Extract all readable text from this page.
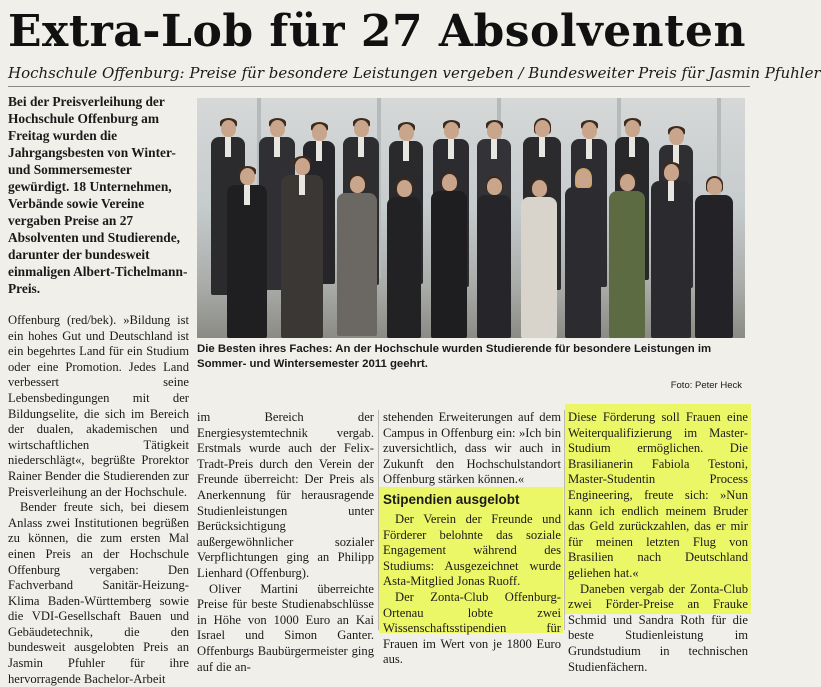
Extra-Lob für 27 Absolventen
Hochschule Offenburg: Preise für besondere Leistungen vergeben / Bundesweiter Preis für Jasmin Pfuhler
Bei der Preisverleihung der Hochschule Offenburg am Freitag wurden die Jahrgangsbesten von Winter- und Sommersemester gewürdigt. 18 Unternehmen, Verbände sowie Vereine vergaben Preise an 27 Absolventen und Studierende, darunter der bundesweit einmaligen Albert-Tichelmann-Preis.

Offenburg (red/bek). »Bildung ist ein hohes Gut und Deutschland ist ein begehrtes Land für ein Studium oder eine Promotion. Jedes Land verbessert seine Lebensbedingungen mit der Bildungselite, die sich im Bereich der dualen, akademischen und wirtschaftlichen Tätigkeit niederschlägt«, begrüßte Prorektor Rainer Bender die Studierenden zur Preisverleihung an der Hochschule.

Bender freute sich, bei diesem Anlass zwei Institutionen begrüßen zu können, die zum ersten Mal einen Preis an der Hochschule Offenburg vergaben: Den Fachverband Sanitär-Heizung-Klima Baden-Württemberg sowie die VDI-Gesellschaft Bauen und Gebäudetechnik, die den bundesweit ausgelobten Preis an Jasmin Pfuhler für ihre hervorragende Bachelor-Arbeit

Die Besten ihres Faches: An der Hochschule wurden Studierende für besondere Leistungen im Sommer- und Wintersemester 2011 geehrt.
Foto: Peter Heck

im Bereich der Energiesystemtechnik vergab. Erstmals wurde auch der Felix-Tradt-Preis durch den Verein der Freunde überreicht: Der Preis als Anerkennung für herausragende Studienleistungen unter Berücksichtigung außergewöhnlicher sozialer Verpflichtungen ging an Philipp Lienhard (Offenburg).

Oliver Martini überreichte Preise für beste Studienabschlüsse in Höhe von 1000 Euro an Kai Israel und Simon Ganter. Offenburgs Baubürgermeister ging auf die an-

stehenden Erweiterungen auf dem Campus in Offenburg ein: »Ich bin zuversichtlich, dass wir auch in Zukunft den Hochschulstandort Offenburg stärken können.«

Stipendien ausgelobt

Der Verein der Freunde und Förderer belohnte das soziale Engagement während des Studiums: Ausgezeichnet wurde Asta-Mitglied Jonas Ruoff.

Der Zonta-Club Offenburg-Ortenau lobte zwei Wissenschaftsstipendien für Frauen im Wert von je 1800 Euro aus.

Diese Förderung soll Frauen eine Weiterqualifizierung im Master-Studium ermöglichen. Die Brasilianerin Fabiola Testoni, Master-Studentin Process Engineering, freute sich: »Nun kann ich endlich meinem Bruder das Geld zurückzahlen, das er mir für meinen letzten Flug von Brasilien nach Deutschland geliehen hat.«

Daneben vergab der Zonta-Club zwei Förder-Preise an Frauke Schmid und Sandra Roth für die beste Studienleistung im Grundstudium in technischen Studienfächern.
